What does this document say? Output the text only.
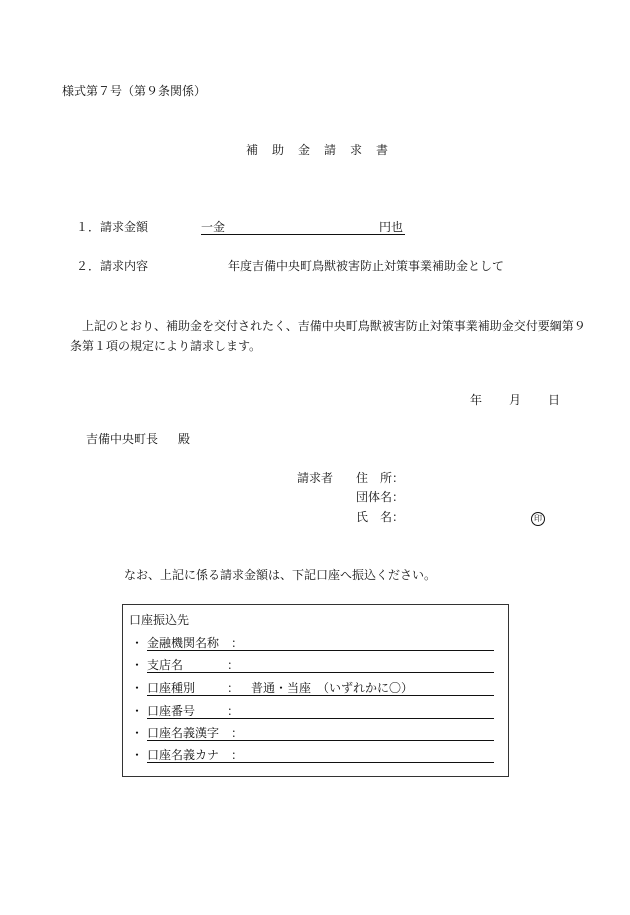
様式第７号（第９条関係）
補助金請求書
１．請求金額	一金	円也
２．請求内容	年度吉備中央町鳥獣被害防止対策事業補助金として
上記のとおり、補助金を交付されたく、吉備中央町鳥獣被害防止対策事業補助金交付要綱第９条第１項の規定により請求します。
年 月 日
吉備中央町長 殿
請求者 住　所：
団体名：
氏　名：	印
なお、上記に係る請求金額は、下記口座へ振込ください。
口座振込先
・ 金融機関名称 ：
・ 支店名	：
・ 口座種別	： 普通・当座　（いずれかに〇）
・ 口座番号	：
・ 口座名義漢字 ：
・ 口座名義カナ ：
